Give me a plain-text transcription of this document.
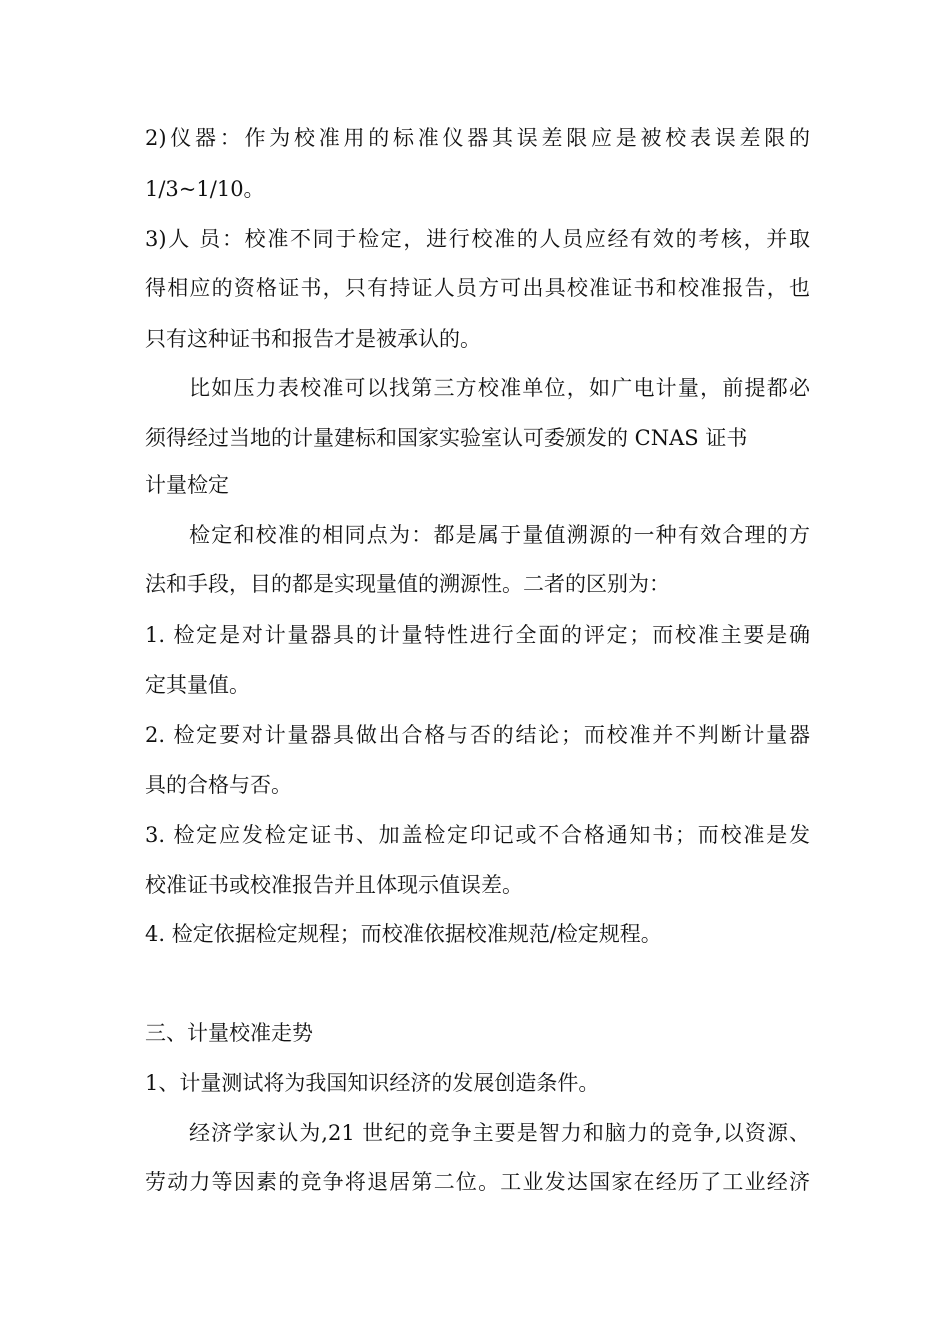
2)仪器：作为校准用的标准仪器其误差限应是被校表误差限的
1/3~1/10。
3)人 员：校准不同于检定，进行校准的人员应经有效的考核，并取
得相应的资格证书，只有持证人员方可出具校准证书和校准报告，也
只有这种证书和报告才是被承认的。
比如压力表校准可以找第三方校准单位，如广电计量，前提都必
须得经过当地的计量建标和国家实验室认可委颁发的 CNAS 证书
计量检定
检定和校准的相同点为：都是属于量值溯源的一种有效合理的方
法和手段，目的都是实现量值的溯源性。二者的区别为：
1. 检定是对计量器具的计量特性进行全面的评定；而校准主要是确
定其量值。
2. 检定要对计量器具做出合格与否的结论；而校准并不判断计量器
具的合格与否。
3. 检定应发检定证书、加盖检定印记或不合格通知书；而校准是发
校准证书或校准报告并且体现示值误差。
4. 检定依据检定规程；而校准依据校准规范/检定规程。
三、计量校准走势
1、计量测试将为我国知识经济的发展创造条件。
经济学家认为,21 世纪的竞争主要是智力和脑力的竞争,以资源、
劳动力等因素的竞争将退居第二位。工业发达国家在经历了工业经济
